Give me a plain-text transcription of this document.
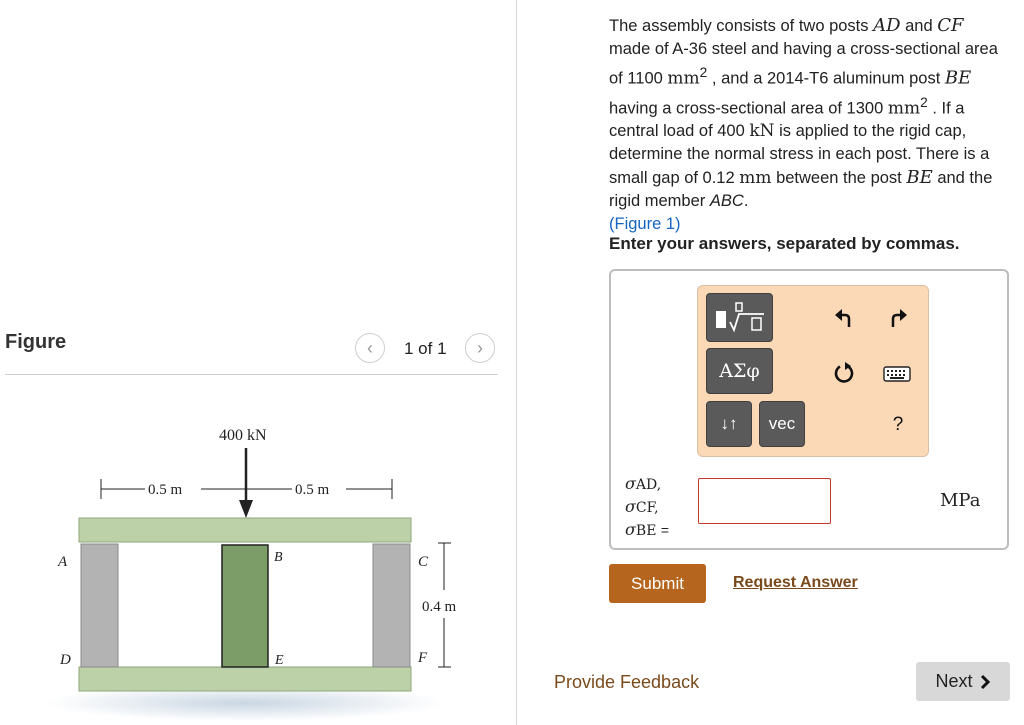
Figure	‹ 1 of 1 ›
400 kN
0.5 m	0.5 m
0.4 m
A	B	C
D	E	F
The assembly consists of two posts AD and CF made of A-36 steel and having a cross-sectional area of 1100 $mm^2$ , and a 2014-T6 aluminum post BE having a cross-sectional area of 1300 $mm^2$ . If a central load of 400 kN is applied to the rigid cap, determine the normal stress in each post. There is a small gap of 0.12 mm between the post BE and the rigid member ABC.
(Figure 1)
Enter your answers, separated by commas.
ΑΣφ
↓↑	vec	?
σAD,
σCF,
σBE =
MPa
Submit	Request Answer
Provide Feedback	Next
